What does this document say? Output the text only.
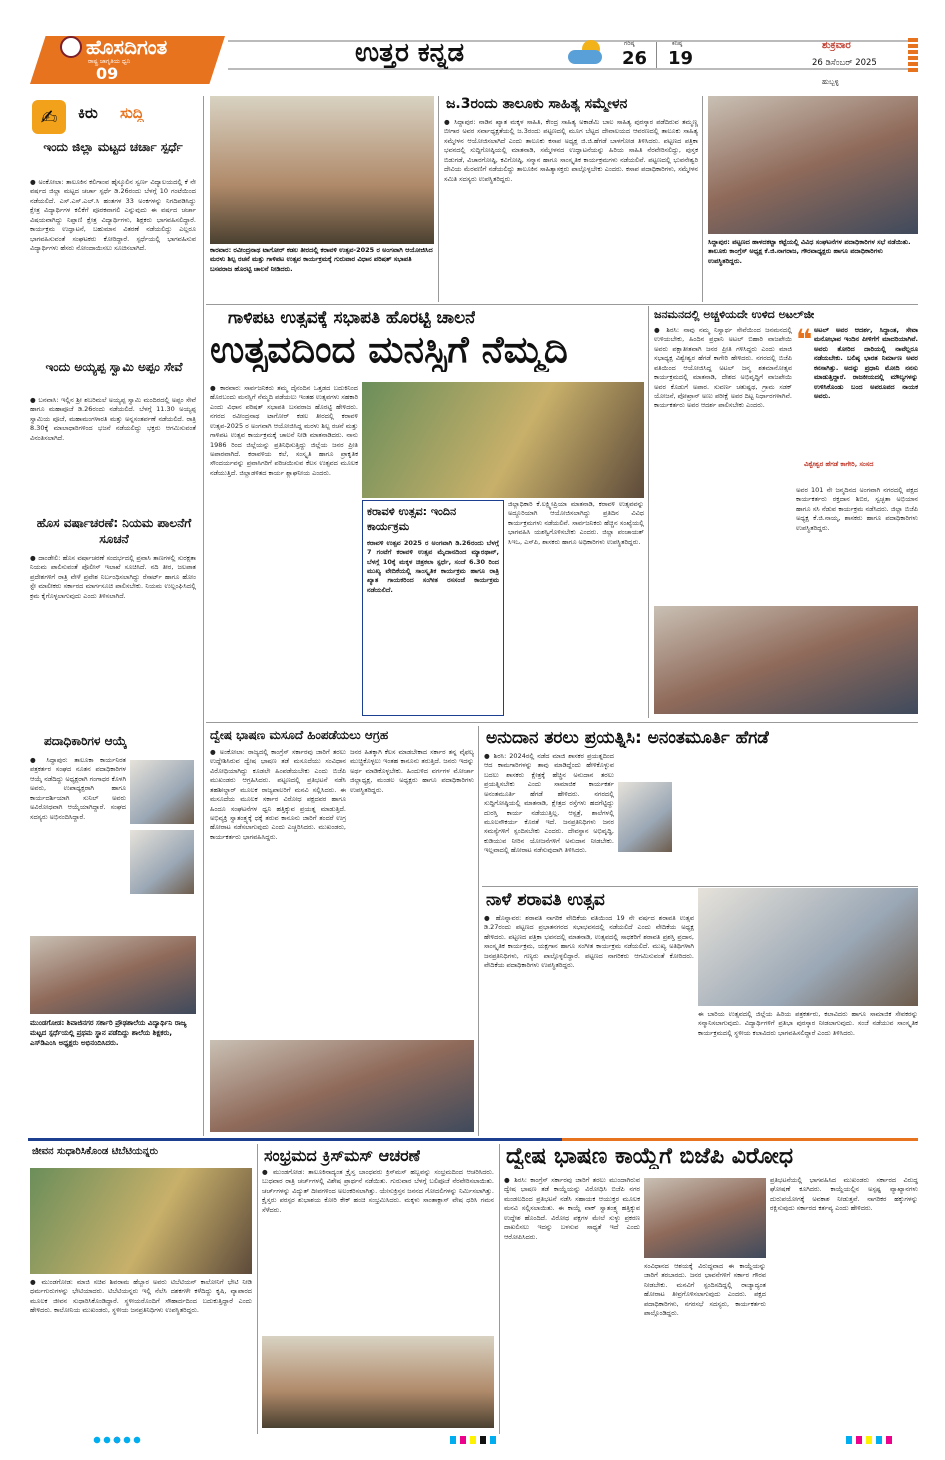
ಹೊಸದಿಗಂತ
ರಾಷ್ಟ್ರ ಜಾಗೃತಿಯ ಧ್ವನಿ
09
ಉತ್ತರ ಕನ್ನಡ	ಗರಿಷ್ಠ
26
ಕನಿಷ್ಠ
19
ಶುಕ್ರವಾರ
26 ಡಿಸೆಂಬರ್ 2025
ಹುಬ್ಬಳ್ಳಿ
✍	ಕಿರು ಸುದ್ದಿ
ಇಂದು ಜಿಲ್ಲಾ ಮಟ್ಟದ ಚರ್ಚಾ ಸ್ಪರ್ಧೆ
● ಅಂಕೋಲಾ: ತಾಲೂಕಿನ ಕಲಿಗಾಂವ ಹೈಸ್ಕೂಲಿನ ಸ್ವರ್ಣ ವಿದ್ಯಾಲಯದಲ್ಲಿ ಕೆ ನೇ ವರ್ಷದ ಜಿಲ್ಲಾ ಮಟ್ಟದ ಚರ್ಚಾ ಸ್ಪರ್ಧೆ ಡಿ.26ರಂದು ಬೆಳಗ್ಗೆ 10 ಗಂಟೆಯಿಂದ ನಡೆಯಲಿದೆ. ಎಸ್.ಎಸ್.ಎಲ್.ಸಿ ಹಂತಗಳ 33 ಅಂಕಗಳನ್ನು ನಿಗದಿಪಡಿಸಿದ್ದು ಕ್ಷೇತ್ರ ವಿದ್ಯಾರ್ಥಿಗಳ ಕಲಿಕೆಗೆ ಪೂರಕವಾಗಲಿ ಎನ್ನುವುದು ಈ ವರ್ಷದ ಚರ್ಚಾ ವಿಷಯವಾಗಿದ್ದು ನಿಪ್ಪಾಣಿ ಕ್ಷೇತ್ರ ವಿದ್ಯಾರ್ಥಿಗಳು, ಶಿಕ್ಷಕರು ಭಾಗವಹಿಸಲಿದ್ದಾರೆ. ಕಾರ್ಯಕ್ರಮ ಉದ್ಘಾಟನೆ, ಬಹುಮಾನ ವಿತರಣೆ ನಡೆಯಲಿದ್ದು ಎಲ್ಲರೂ ಭಾಗವಹಿಸುವಂತೆ ಸಂಘಟಕರು ಕೋರಿದ್ದಾರೆ. ಸ್ಪರ್ಧೆಯಲ್ಲಿ ಭಾಗವಹಿಸುವ ವಿದ್ಯಾರ್ಥಿಗಳು ಹೆಸರು ನೋಂದಾಯಿಸಲು ಸೂಚಿಸಲಾಗಿದೆ.
ಇಂದು ಅಯ್ಯಪ್ಪ ಸ್ವಾಮಿ ಅಪ್ಪಂ ಸೇವೆ
● ಬನವಾಸಿ: ಇಲ್ಲಿನ ಶ್ರೀ ಶಬರಿಮಲೆ ಅಯ್ಯಪ್ಪ ಸ್ವಾಮಿ ಮಂದಿರದಲ್ಲಿ ಅಪ್ಪಂ ಸೇವೆ ಹಾಗೂ ಮಹಾಪೂಜೆ ಡಿ.26ರಂದು ನಡೆಯಲಿದೆ. ಬೆಳಗ್ಗೆ 11.30 ಅಯ್ಯಪ್ಪ ಸ್ವಾಮಿಯ ಪೂಜೆ, ಮಹಾಮಂಗಳಾರತಿ ಮತ್ತು ಅನ್ನಸಂತರ್ಪಣೆ ನಡೆಯಲಿದೆ. ರಾತ್ರಿ 8.30ಕ್ಕೆ ಮಾಲಾಧಾರಿಗಳಿಂದ ಭಜನೆ ನಡೆಯಲಿದ್ದು ಭಕ್ತರು ಆಗಮಿಸುವಂತೆ ವಿನಂತಿಸಲಾಗಿದೆ.
ಹೊಸ ವರ್ಷಾಚರಣೆ: ನಿಯಮ ಪಾಲನೆಗೆ ಸೂಚನೆ
● ದಾಂಡೇಲಿ: ಹೊಸ ವರ್ಷಾಚರಣೆ ಸಂದರ್ಭದಲ್ಲಿ ಪ್ರವಾಸಿ ತಾಣಗಳಲ್ಲಿ ಸುರಕ್ಷತಾ ನಿಯಮ ಪಾಲಿಸುವಂತೆ ಪೊಲೀಸ್ ಇಲಾಖೆ ಸೂಚಿಸಿದೆ. ನದಿ ತೀರ, ಜಲಪಾತ ಪ್ರದೇಶಗಳಿಗೆ ರಾತ್ರಿ ವೇಳೆ ಪ್ರವೇಶ ನಿರ್ಬಂಧಿಸಲಾಗಿದ್ದು ರೆಸಾರ್ಟ್ ಹಾಗೂ ಹೋಂ ಸ್ಟೇ ಮಾಲೀಕರು ಸರ್ಕಾರದ ಮಾರ್ಗಸೂಚಿ ಪಾಲಿಸಬೇಕು. ನಿಯಮ ಉಲ್ಲಂಘಿಸಿದಲ್ಲಿ ಕ್ರಮ ಕೈಗೊಳ್ಳಲಾಗುವುದು ಎಂದು ತಿಳಿಸಲಾಗಿದೆ.
ಪದಾಧಿಕಾರಿಗಳ ಆಯ್ಕೆ
● ಸಿದ್ದಾಪುರ: ತಾಲೂಕಾ ಕಾರ್ಯನಿರತ ಪತ್ರಕರ್ತರ ಸಂಘದ ನೂತನ ಪದಾಧಿಕಾರಿಗಳ ಆಯ್ಕೆ ನಡೆದಿದ್ದು ಅಧ್ಯಕ್ಷರಾಗಿ ಗಂಗಾಧರ ಕೊಳಗಿ ಅವರು, ಉಪಾಧ್ಯಕ್ಷರಾಗಿ ಹಾಗೂ ಕಾರ್ಯದರ್ಶಿಯಾಗಿ ಸುನಿಲ್ ಅವರು ಅವಿರೋಧವಾಗಿ ಆಯ್ಕೆಯಾಗಿದ್ದಾರೆ. ಸಂಘದ ಸದಸ್ಯರು ಅಭಿನಂದಿಸಿದ್ದಾರೆ.
ಮುಂಡಗೋಡ: ಶಿವಾಜಿನಗರ ಸರ್ಕಾರಿ ಪ್ರೌಢಶಾಲೆಯ ವಿದ್ಯಾರ್ಥಿನಿ ರಾಜ್ಯ ಮಟ್ಟದ ಸ್ಪರ್ಧೆಯಲ್ಲಿ ಪ್ರಥಮ ಸ್ಥಾನ ಪಡೆದಿದ್ದು ಶಾಲೆಯ ಶಿಕ್ಷಕರು, ಎಸ್‌ಡಿಎಂಸಿ ಅಧ್ಯಕ್ಷರು ಅಭಿನಂದಿಸಿದರು.
ಕಾರವಾರ: ರವೀಂದ್ರನಾಥ ಟಾಗೋರ್ ಕಡಲ ತೀರದಲ್ಲಿ ಕರಾವಳಿ ಉತ್ಸವ-2025 ರ ಅಂಗವಾಗಿ ಆಯೋಜಿಸಿದ ಮರಳು ಶಿಲ್ಪ ರಚನೆ ಮತ್ತು ಗಾಳಿಪಟ ಉತ್ಸವ ಕಾರ್ಯಕ್ರಮಕ್ಕೆ ಗುರುವಾರ ವಿಧಾನ ಪರಿಷತ್ ಸಭಾಪತಿ ಬಸವರಾಜ ಹೊರಟ್ಟಿ ಚಾಲನೆ ನೀಡಿದರು.
ಜ.3ರಂದು ತಾಲೂಕು ಸಾಹಿತ್ಯ ಸಮ್ಮೇಳನ
● ಸಿದ್ದಾಪುರ: ನಾಡಿನ ಖ್ಯಾತ ಮಕ್ಕಳ ಸಾಹಿತಿ, ಕೇಂದ್ರ ಸಾಹಿತ್ಯ ಅಕಾಡೆಮಿ ಬಾಲ ಸಾಹಿತ್ಯ ಪುರಸ್ಕಾರ ಪಡೆದಿರುವ ತಮ್ಮಣ್ಣ ಬೀಗಾರ ಅವರ ಸರ್ವಾಧ್ಯಕ್ಷತೆಯಲ್ಲಿ ಜ.3ರಂದು ಪಟ್ಟಣದಲ್ಲಿ ಮೂಗ ಬೆಟ್ಟದ ದೇವಾಲಯದ ಆವರಣದಲ್ಲಿ ತಾಲೂಕು ಸಾಹಿತ್ಯ ಸಮ್ಮೇಳನ ಆಯೋಜಿಸಲಾಗಿದೆ ಎಂದು ತಾಲೂಕು ಕಸಾಪ ಅಧ್ಯಕ್ಷ ಜಿ.ಜಿ.ಹೆಗಡೆ ಬಾಳಗೋಡ ತಿಳಿಸಿದರು. ಪಟ್ಟಣದ ಪತ್ರಿಕಾ ಭವನದಲ್ಲಿ ಸುದ್ದಿಗೋಷ್ಠಿಯಲ್ಲಿ ಮಾತನಾಡಿ, ಸಮ್ಮೇಳನದ ಉದ್ಘಾಟನೆಯನ್ನು ಹಿರಿಯ ಸಾಹಿತಿ ನೆರವೇರಿಸಲಿದ್ದು, ಪುಸ್ತಕ ಬಿಡುಗಡೆ, ವಿಚಾರಗೋಷ್ಠಿ, ಕವಿಗೋಷ್ಠಿ, ಸನ್ಮಾನ ಹಾಗೂ ಸಾಂಸ್ಕೃತಿಕ ಕಾರ್ಯಕ್ರಮಗಳು ನಡೆಯಲಿವೆ. ಪಟ್ಟಣದಲ್ಲಿ ಭುವನೇಶ್ವರಿ ದೇವಿಯ ಮೆರವಣಿಗೆ ನಡೆಯಲಿದ್ದು ತಾಲೂಕಿನ ಸಾಹಿತ್ಯಾಸಕ್ತರು ಪಾಲ್ಗೊಳ್ಳಬೇಕು ಎಂದರು. ಕಸಾಪ ಪದಾಧಿಕಾರಿಗಳು, ಸಮ್ಮೇಳನ ಸಮಿತಿ ಸದಸ್ಯರು ಉಪಸ್ಥಿತರಿದ್ದರು.
ಸಿದ್ದಾಪುರ: ಪಟ್ಟಣದ ಹಾಳದಕಟ್ಟಾ ಕಟ್ಟೆಯಲ್ಲಿ ವಿವಿಧ ಸಂಘಟನೆಗಳ ಪದಾಧಿಕಾರಿಗಳ ಸಭೆ ನಡೆಯಿತು. ತಾಲೂಕು ಕಾಂಗ್ರೆಸ್ ಅಧ್ಯಕ್ಷ ಕೆ.ಜಿ.ನಾಗರಾಜ, ಗೌರವಾಧ್ಯಕ್ಷರು ಹಾಗೂ ಪದಾಧಿಕಾರಿಗಳು ಉಪಸ್ಥಿತರಿದ್ದರು.
ಗಾಳಿಪಟ ಉತ್ಸವಕ್ಕೆ ಸಭಾಪತಿ ಹೊರಟ್ಟಿ ಚಾಲನೆ
ಉತ್ಸವದಿಂದ ಮನಸ್ಸಿಗೆ ನೆಮ್ಮದಿ
● ಕಾರವಾರ: ಸಾರ್ವಜನಿಕರು ತಮ್ಮ ದೈನಂದಿನ ಒತ್ತಡದ ಬದುಕಿನಿಂದ ಹೊರಬಂದು ಮನಸ್ಸಿಗೆ ನೆಮ್ಮದಿ ಪಡೆಯಲು ಇಂತಹ ಉತ್ಸವಗಳು ಸಹಕಾರಿ ಎಂದು ವಿಧಾನ ಪರಿಷತ್ ಸಭಾಪತಿ ಬಸವರಾಜ ಹೊರಟ್ಟಿ ಹೇಳಿದರು. ನಗರದ ರವೀಂದ್ರನಾಥ ಟಾಗೋರ್ ಕಡಲ ತೀರದಲ್ಲಿ ಕರಾವಳಿ ಉತ್ಸವ-2025 ರ ಅಂಗವಾಗಿ ಆಯೋಜಿಸಿದ್ದ ಮರಳು ಶಿಲ್ಪ ರಚನೆ ಮತ್ತು ಗಾಳಿಪಟ ಉತ್ಸವ ಕಾರ್ಯಕ್ರಮಕ್ಕೆ ಚಾಲನೆ ನೀಡಿ ಮಾತನಾಡಿದರು. ನಾನು 1986 ರಿಂದ ಜಿಲ್ಲೆಯನ್ನು ಪ್ರತಿನಿಧಿಸುತ್ತಿದ್ದು ಜಿಲ್ಲೆಯ ಜನರ ಪ್ರೀತಿ ಅಪಾರವಾಗಿದೆ. ಕರಾವಳಿಯ ಕಲೆ, ಸಂಸ್ಕೃತಿ ಹಾಗೂ ಪ್ರಾಕೃತಿಕ ಸೌಂದರ್ಯವನ್ನು ಪ್ರವಾಸಿಗರಿಗೆ ಪರಿಚಯಿಸುವ ಕೆಲಸ ಉತ್ಸವದ ಮೂಲಕ ನಡೆಯುತ್ತಿದೆ. ಜಿಲ್ಲಾಡಳಿತದ ಕಾರ್ಯ ಶ್ಲಾಘನೀಯ ಎಂದರು.
ಕರಾವಳಿ ಉತ್ಸವ: ಇಂದಿನ ಕಾರ್ಯಕ್ರಮ
ಕರಾವಳಿ ಉತ್ಸವ 2025 ರ ಅಂಗವಾಗಿ ಡಿ.26ರಂದು ಬೆಳಗ್ಗೆ 7 ಗಂಟೆಗೆ ಕರಾವಳಿ ಉತ್ಸವ ಮೈದಾನದಿಂದ ಮ್ಯಾರಥಾನ್, ಬೆಳಗ್ಗೆ 10ಕ್ಕೆ ಮಕ್ಕಳ ಚಿತ್ರಕಲಾ ಸ್ಪರ್ಧೆ, ಸಂಜೆ 6.30 ರಿಂದ ಮುಖ್ಯ ವೇದಿಕೆಯಲ್ಲಿ ಸಾಂಸ್ಕೃತಿಕ ಕಾರ್ಯಕ್ರಮ ಹಾಗೂ ರಾತ್ರಿ ಖ್ಯಾತ ಗಾಯಕರಿಂದ ಸಂಗೀತ ರಸಸಂಜೆ ಕಾರ್ಯಕ್ರಮ ನಡೆಯಲಿದೆ.
ಜಿಲ್ಲಾಧಿಕಾರಿ ಕೆ.ಲಕ್ಷ್ಮೀಪ್ರಿಯಾ ಮಾತನಾಡಿ, ಕರಾವಳಿ ಉತ್ಸವವನ್ನು ಅದ್ದೂರಿಯಾಗಿ ಆಯೋಜಿಸಲಾಗಿದ್ದು ಪ್ರತಿದಿನ ವಿವಿಧ ಕಾರ್ಯಕ್ರಮಗಳು ನಡೆಯಲಿವೆ. ಸಾರ್ವಜನಿಕರು ಹೆಚ್ಚಿನ ಸಂಖ್ಯೆಯಲ್ಲಿ ಭಾಗವಹಿಸಿ ಯಶಸ್ವಿಗೊಳಿಸಬೇಕು ಎಂದರು. ಜಿಲ್ಲಾ ಪಂಚಾಯತ್ ಸಿಇಒ, ಎಸ್‌ಪಿ, ಶಾಸಕರು ಹಾಗೂ ಅಧಿಕಾರಿಗಳು ಉಪಸ್ಥಿತರಿದ್ದರು.
ಜನಮನದಲ್ಲಿ ಅಚ್ಚಳಿಯದೇ ಉಳಿದ ಅಟಲ್‌ಜೀ
● ಶಿರಸಿ: ನಾವು ನಮ್ಮ ನಿಸ್ವಾರ್ಥ ಸೇವೆಯಿಂದ ಜನಮನದಲ್ಲಿ ಉಳಿಯಬೇಕು, ಹಿಂದಿನ ಪ್ರಧಾನಿ ಅಟಲ್ ಬಿಹಾರಿ ವಾಜಪೇಯಿ ಅವರು ಪಕ್ಷಾತೀತವಾಗಿ ಜನರ ಪ್ರೀತಿ ಗಳಿಸಿದ್ದರು ಎಂದು ಮಾಜಿ ಸಭಾಧ್ಯಕ್ಷ ವಿಶ್ವೇಶ್ವರ ಹೆಗಡೆ ಕಾಗೇರಿ ಹೇಳಿದರು. ನಗರದಲ್ಲಿ ಬಿಜೆಪಿ ವತಿಯಿಂದ ಆಯೋಜಿಸಿದ್ದ ಅಟಲ್ ಜನ್ಮ ಶತಮಾನೋತ್ಸವ ಕಾರ್ಯಕ್ರಮದಲ್ಲಿ ಮಾತನಾಡಿ, ದೇಶದ ಅಭಿವೃದ್ಧಿಗೆ ವಾಜಪೇಯಿ ಅವರ ಕೊಡುಗೆ ಅಪಾರ. ಸುವರ್ಣ ಚತುಷ್ಪಥ, ಗ್ರಾಮ ಸಡಕ್ ಯೋಜನೆ, ಪೋಖ್ರಾನ್ ಅಣು ಪರೀಕ್ಷೆ ಅವರ ದಿಟ್ಟ ನಿರ್ಧಾರಗಳಾಗಿವೆ. ಕಾರ್ಯಕರ್ತರು ಅವರ ಆದರ್ಶ ಪಾಲಿಸಬೇಕು ಎಂದರು.
❝ ಅಟಲ್ ಅವರ ಆದರ್ಶ, ಸಿದ್ಧಾಂತ, ಸೇವಾ ಮನೋಭಾವ ಇಂದಿನ ಪೀಳಿಗೆಗೆ ಮಾದರಿಯಾಗಿವೆ. ಅವರು ತೋರಿದ ದಾರಿಯಲ್ಲಿ ನಾವೆಲ್ಲರೂ ನಡೆಯಬೇಕು. ಬಲಿಷ್ಠ ಭಾರತ ನಿರ್ಮಾಣ ಅವರ ಕನಸಾಗಿತ್ತು. ಅದನ್ನು ಪ್ರಧಾನಿ ಮೋದಿ ನನಸು ಮಾಡುತ್ತಿದ್ದಾರೆ. ರಾಜಕೀಯದಲ್ಲಿ ಮೌಲ್ಯಗಳನ್ನು ಉಳಿಸಿಕೊಂಡು ಬಂದ ಅಪರೂಪದ ನಾಯಕ ಅವರು.
ವಿಶ್ವೇಶ್ವರ ಹೆಗಡೆ ಕಾಗೇರಿ, ಸಂಸದ
ಅವರ 101 ನೇ ಜನ್ಮದಿನದ ಅಂಗವಾಗಿ ನಗರದಲ್ಲಿ ಪಕ್ಷದ ಕಾರ್ಯಕರ್ತರು ರಕ್ತದಾನ ಶಿಬಿರ, ಸ್ವಚ್ಛತಾ ಅಭಿಯಾನ ಹಾಗೂ ಸಸಿ ನೆಡುವ ಕಾರ್ಯಕ್ರಮ ನಡೆಸಿದರು. ಜಿಲ್ಲಾ ಬಿಜೆಪಿ ಅಧ್ಯಕ್ಷ ಕೆ.ಜಿ.ನಾಯ್ಕ, ಶಾಸಕರು ಹಾಗೂ ಪದಾಧಿಕಾರಿಗಳು ಉಪಸ್ಥಿತರಿದ್ದರು.
ದ್ವೇಷ ಭಾಷಣ ಮಸೂದೆ ಹಿಂಪಡೆಯಲು ಆಗ್ರಹ
● ಅಂಕೋಲಾ: ರಾಜ್ಯದಲ್ಲಿ ಕಾಂಗ್ರೆಸ್ ಸರ್ಕಾರವು ಜಾರಿಗೆ ತರಲು ಉದ್ದೇಶಿಸಿರುವ ದ್ವೇಷ ಭಾಷಣ ತಡೆ ಮಸೂದೆಯು ಸಂವಿಧಾನ ವಿರೋಧಿಯಾಗಿದ್ದು ಕೂಡಲೇ ಹಿಂಪಡೆಯಬೇಕು ಎಂದು ಬಿಜೆಪಿ ಮುಖಂಡರು ಆಗ್ರಹಿಸಿದರು. ಪಟ್ಟಣದಲ್ಲಿ ಪ್ರತಿಭಟನೆ ನಡೆಸಿ ತಹಶೀಲ್ದಾರ್ ಮೂಲಕ ರಾಜ್ಯಪಾಲರಿಗೆ ಮನವಿ ಸಲ್ಲಿಸಿದರು. ಈ ಮಸೂದೆಯ ಮೂಲಕ ಸರ್ಕಾರ ವಿರೋಧ ಪಕ್ಷದವರ ಹಾಗೂ ಹಿಂದೂ ಸಂಘಟನೆಗಳ ಧ್ವನಿ ಹತ್ತಿಕ್ಕುವ ಪ್ರಯತ್ನ ಮಾಡುತ್ತಿದೆ. ಅಭಿವ್ಯಕ್ತಿ ಸ್ವಾತಂತ್ರ್ಯಕ್ಕೆ ಧಕ್ಕೆ ತರುವ ಕಾನೂನು ಜಾರಿಗೆ ತಂದರೆ ಉಗ್ರ ಹೋರಾಟ ನಡೆಸಲಾಗುವುದು ಎಂದು ಎಚ್ಚರಿಸಿದರು. ಮುಖಂಡರು, ಕಾರ್ಯಕರ್ತರು ಭಾಗವಹಿಸಿದ್ದರು.
ಜನರ ಹಿತಕ್ಕಾಗಿ ಕೆಲಸ ಮಾಡಬೇಕಾದ ಸರ್ಕಾರ ತನ್ನ ವೈಫಲ್ಯ ಮುಚ್ಚಿಕೊಳ್ಳಲು ಇಂತಹ ಕಾನೂನು ತರುತ್ತಿದೆ. ಜನರು ಇದನ್ನು ಅರ್ಥ ಮಾಡಿಕೊಳ್ಳಬೇಕು. ಹಿಂದುಳಿದ ವರ್ಗಗಳ ಮೋರ್ಚಾ ಜಿಲ್ಲಾಧ್ಯಕ್ಷ, ಮಂಡಲ ಅಧ್ಯಕ್ಷರು ಹಾಗೂ ಪದಾಧಿಕಾರಿಗಳು ಉಪಸ್ಥಿತರಿದ್ದರು.
ಅನುದಾನ ತರಲು ಪ್ರಯತ್ನಿಸಿ: ಅನಂತಮೂರ್ತಿ ಹೆಗಡೆ
● ಶಿರಸಿ: 2024ರಲ್ಲಿ ನಡೆದ ಮಾಜಿ ಶಾಸಕರ ಪ್ರಯತ್ನದಿಂದ ಆದ ಕಾಮಗಾರಿಗಳನ್ನು ತಾವು ಮಾಡಿದ್ದೆಂದು ಹೇಳಿಕೊಳ್ಳುವ ಬದಲು ಶಾಸಕರು ಕ್ಷೇತ್ರಕ್ಕೆ ಹೆಚ್ಚಿನ ಅನುದಾನ ತರಲು ಪ್ರಯತ್ನಿಸಬೇಕು ಎಂದು ಸಾಮಾಜಿಕ ಕಾರ್ಯಕರ್ತ ಅನಂತಮೂರ್ತಿ ಹೆಗಡೆ ಹೇಳಿದರು. ನಗರದಲ್ಲಿ ಸುದ್ದಿಗೋಷ್ಠಿಯಲ್ಲಿ ಮಾತನಾಡಿ, ಕ್ಷೇತ್ರದ ರಸ್ತೆಗಳು ಹದಗೆಟ್ಟಿದ್ದು ದುರಸ್ತಿ ಕಾರ್ಯ ನಡೆಯುತ್ತಿಲ್ಲ. ಆಸ್ಪತ್ರೆ, ಶಾಲೆಗಳಲ್ಲಿ ಮೂಲಸೌಕರ್ಯ ಕೊರತೆ ಇದೆ. ಜನಪ್ರತಿನಿಧಿಗಳು ಜನರ ಸಮಸ್ಯೆಗಳಿಗೆ ಸ್ಪಂದಿಸಬೇಕು ಎಂದರು. ದೇವಸ್ಥಾನ ಅಭಿವೃದ್ಧಿ, ಕುಡಿಯುವ ನೀರಿನ ಯೋಜನೆಗಳಿಗೆ ಅನುದಾನ ನೀಡಬೇಕು. ಇಲ್ಲವಾದಲ್ಲಿ ಹೋರಾಟ ನಡೆಸುವುದಾಗಿ ತಿಳಿಸಿದರು.
ನಾಳೆ ಶರಾವತಿ ಉತ್ಸವ
● ಹೊನ್ನಾವರ: ಶರಾವತಿ ನಾಗರಿಕ ವೇದಿಕೆಯ ವತಿಯಿಂದ 19 ನೇ ವರ್ಷದ ಶರಾವತಿ ಉತ್ಸವ ಡಿ.27ರಂದು ಪಟ್ಟಣದ ಪ್ರಭಾತನಗರದ ಸಭಾಭವನದಲ್ಲಿ ನಡೆಯಲಿದೆ ಎಂದು ವೇದಿಕೆಯ ಅಧ್ಯಕ್ಷ ಹೇಳಿದರು. ಪಟ್ಟಣದ ಪತ್ರಿಕಾ ಭವನದಲ್ಲಿ ಮಾತನಾಡಿ, ಉತ್ಸವದಲ್ಲಿ ಸಾಧಕರಿಗೆ ಶರಾವತಿ ಪ್ರಶಸ್ತಿ ಪ್ರದಾನ, ಸಾಂಸ್ಕೃತಿಕ ಕಾರ್ಯಕ್ರಮ, ಯಕ್ಷಗಾನ ಹಾಗೂ ಸಂಗೀತ ಕಾರ್ಯಕ್ರಮ ನಡೆಯಲಿದೆ. ಮುಖ್ಯ ಅತಿಥಿಗಳಾಗಿ ಜನಪ್ರತಿನಿಧಿಗಳು, ಗಣ್ಯರು ಪಾಲ್ಗೊಳ್ಳಲಿದ್ದಾರೆ. ಪಟ್ಟಣದ ನಾಗರಿಕರು ಆಗಮಿಸುವಂತೆ ಕೋರಿದರು. ವೇದಿಕೆಯ ಪದಾಧಿಕಾರಿಗಳು ಉಪಸ್ಥಿತರಿದ್ದರು.
ಈ ಬಾರಿಯ ಉತ್ಸವದಲ್ಲಿ ಜಿಲ್ಲೆಯ ಹಿರಿಯ ಪತ್ರಕರ್ತರು, ಕಲಾವಿದರು ಹಾಗೂ ಸಾಮಾಜಿಕ ಸೇವಕರನ್ನು ಸನ್ಮಾನಿಸಲಾಗುವುದು. ವಿದ್ಯಾರ್ಥಿಗಳಿಗೆ ಪ್ರತಿಭಾ ಪುರಸ್ಕಾರ ನೀಡಲಾಗುವುದು. ಸಂಜೆ ನಡೆಯುವ ಸಾಂಸ್ಕೃತಿಕ ಕಾರ್ಯಕ್ರಮದಲ್ಲಿ ಸ್ಥಳೀಯ ಕಲಾವಿದರು ಭಾಗವಹಿಸಲಿದ್ದಾರೆ ಎಂದು ತಿಳಿಸಿದರು.
ಜೀವನ ಸುಧಾರಿಸಿಕೊಂಡ ಟಿಬೆಟಿಯನ್ನರು
● ಮುಂಡಗೋಡ: ಮಾಜಿ ಸಚಿವ ಶಿವರಾಮ ಹೆಬ್ಬಾರ ಅವರು ಟಿಬೆಟಿಯನ್ ಕಾಲೋನಿಗೆ ಭೇಟಿ ನೀಡಿ ಧರ್ಮಗುರುಗಳನ್ನು ಭೇಟಿಯಾದರು. ಟಿಬೆಟಿಯನ್ನರು ಇಲ್ಲಿ ನೆಲೆಸಿ ದಶಕಗಳೇ ಕಳೆದಿದ್ದು ಕೃಷಿ, ವ್ಯಾಪಾರದ ಮೂಲಕ ಜೀವನ ಸುಧಾರಿಸಿಕೊಂಡಿದ್ದಾರೆ. ಸ್ಥಳೀಯರೊಂದಿಗೆ ಸೌಹಾರ್ದದಿಂದ ಬದುಕುತ್ತಿದ್ದಾರೆ ಎಂದು ಹೇಳಿದರು. ಕಾಲೋನಿಯ ಮುಖಂಡರು, ಸ್ಥಳೀಯ ಜನಪ್ರತಿನಿಧಿಗಳು ಉಪಸ್ಥಿತರಿದ್ದರು.
ಸಂಭ್ರಮದ ಕ್ರಿಸ್‌ಮಸ್ ಆಚರಣೆ
● ಮುಂಡಗೋಡ: ತಾಲೂಕಿನಾದ್ಯಂತ ಕ್ರೈಸ್ತ ಬಾಂಧವರು ಕ್ರಿಸ್‌ಮಸ್ ಹಬ್ಬವನ್ನು ಸಂಭ್ರಮದಿಂದ ಆಚರಿಸಿದರು. ಬುಧವಾರ ರಾತ್ರಿ ಚರ್ಚ್‌ಗಳಲ್ಲಿ ವಿಶೇಷ ಪ್ರಾರ್ಥನೆ ನಡೆಯಿತು. ಗುರುವಾರ ಬೆಳಗ್ಗೆ ಬಲಿಪೂಜೆ ನೆರವೇರಿಸಲಾಯಿತು. ಚರ್ಚ್‌ಗಳನ್ನು ವಿದ್ಯುತ್ ದೀಪಗಳಿಂದ ಅಲಂಕರಿಸಲಾಗಿತ್ತು. ಯೇಸುಕ್ರಿಸ್ತನ ಜನನದ ಗೋದಲಿಗಳನ್ನು ನಿರ್ಮಿಸಲಾಗಿತ್ತು. ಕ್ರೈಸ್ತರು ಪರಸ್ಪರ ಶುಭಾಶಯ ಕೋರಿ ಕೇಕ್ ಹಂಚಿ ಸಂಭ್ರಮಿಸಿದರು. ಮಕ್ಕಳು ಸಾಂತಾಕ್ಲಾಸ್ ವೇಷ ಧರಿಸಿ ಗಮನ ಸೆಳೆದರು.
ದ್ವೇಷ ಭಾಷಣ ಕಾಯ್ದೆಗೆ ಬಿಜೆಪಿ ವಿರೋಧ
● ಶಿರಸಿ: ಕಾಂಗ್ರೆಸ್ ಸರ್ಕಾರವು ಜಾರಿಗೆ ತರಲು ಮುಂದಾಗಿರುವ ದ್ವೇಷ ಭಾಷಣ ತಡೆ ಕಾಯ್ದೆಯನ್ನು ವಿರೋಧಿಸಿ ಬಿಜೆಪಿ ನಗರ ಮಂಡಲದಿಂದ ಪ್ರತಿಭಟನೆ ನಡೆಸಿ ಸಹಾಯಕ ಆಯುಕ್ತರ ಮೂಲಕ ಮನವಿ ಸಲ್ಲಿಸಲಾಯಿತು. ಈ ಕಾಯ್ದೆ ವಾಕ್ ಸ್ವಾತಂತ್ರ್ಯ ಹತ್ತಿಕ್ಕುವ ಉದ್ದೇಶ ಹೊಂದಿದೆ. ವಿರೋಧ ಪಕ್ಷಗಳ ಮೇಲೆ ಸುಳ್ಳು ಪ್ರಕರಣ ದಾಖಲಿಸಲು ಇದನ್ನು ಬಳಸುವ ಸಾಧ್ಯತೆ ಇದೆ ಎಂದು ಆರೋಪಿಸಿದರು.
ಸಂವಿಧಾನದ ಆಶಯಕ್ಕೆ ವಿರುದ್ಧವಾದ ಈ ಕಾಯ್ದೆಯನ್ನು ಜಾರಿಗೆ ತರಬಾರದು. ಜನರ ಭಾವನೆಗಳಿಗೆ ಸರ್ಕಾರ ಗೌರವ ನೀಡಬೇಕು. ಮನವಿಗೆ ಸ್ಪಂದಿಸದಿದ್ದಲ್ಲಿ ರಾಜ್ಯಾದ್ಯಂತ ಹೋರಾಟ ತೀವ್ರಗೊಳಿಸಲಾಗುವುದು ಎಂದರು. ಪಕ್ಷದ ಪದಾಧಿಕಾರಿಗಳು, ನಗರಸಭೆ ಸದಸ್ಯರು, ಕಾರ್ಯಕರ್ತರು ಪಾಲ್ಗೊಂಡಿದ್ದರು.
ಪ್ರತಿಭಟನೆಯಲ್ಲಿ ಭಾಗವಹಿಸಿದ ಮುಖಂಡರು ಸರ್ಕಾರದ ವಿರುದ್ಧ ಘೋಷಣೆ ಕೂಗಿದರು. ಕಾಯ್ದೆಯಲ್ಲಿನ ಅಸ್ಪಷ್ಟ ವ್ಯಾಖ್ಯಾನಗಳು ದುರುಪಯೋಗಕ್ಕೆ ಅವಕಾಶ ನೀಡುತ್ತವೆ. ನಾಗರಿಕರ ಹಕ್ಕುಗಳನ್ನು ರಕ್ಷಿಸುವುದು ಸರ್ಕಾರದ ಕರ್ತವ್ಯ ಎಂದು ಹೇಳಿದರು.
